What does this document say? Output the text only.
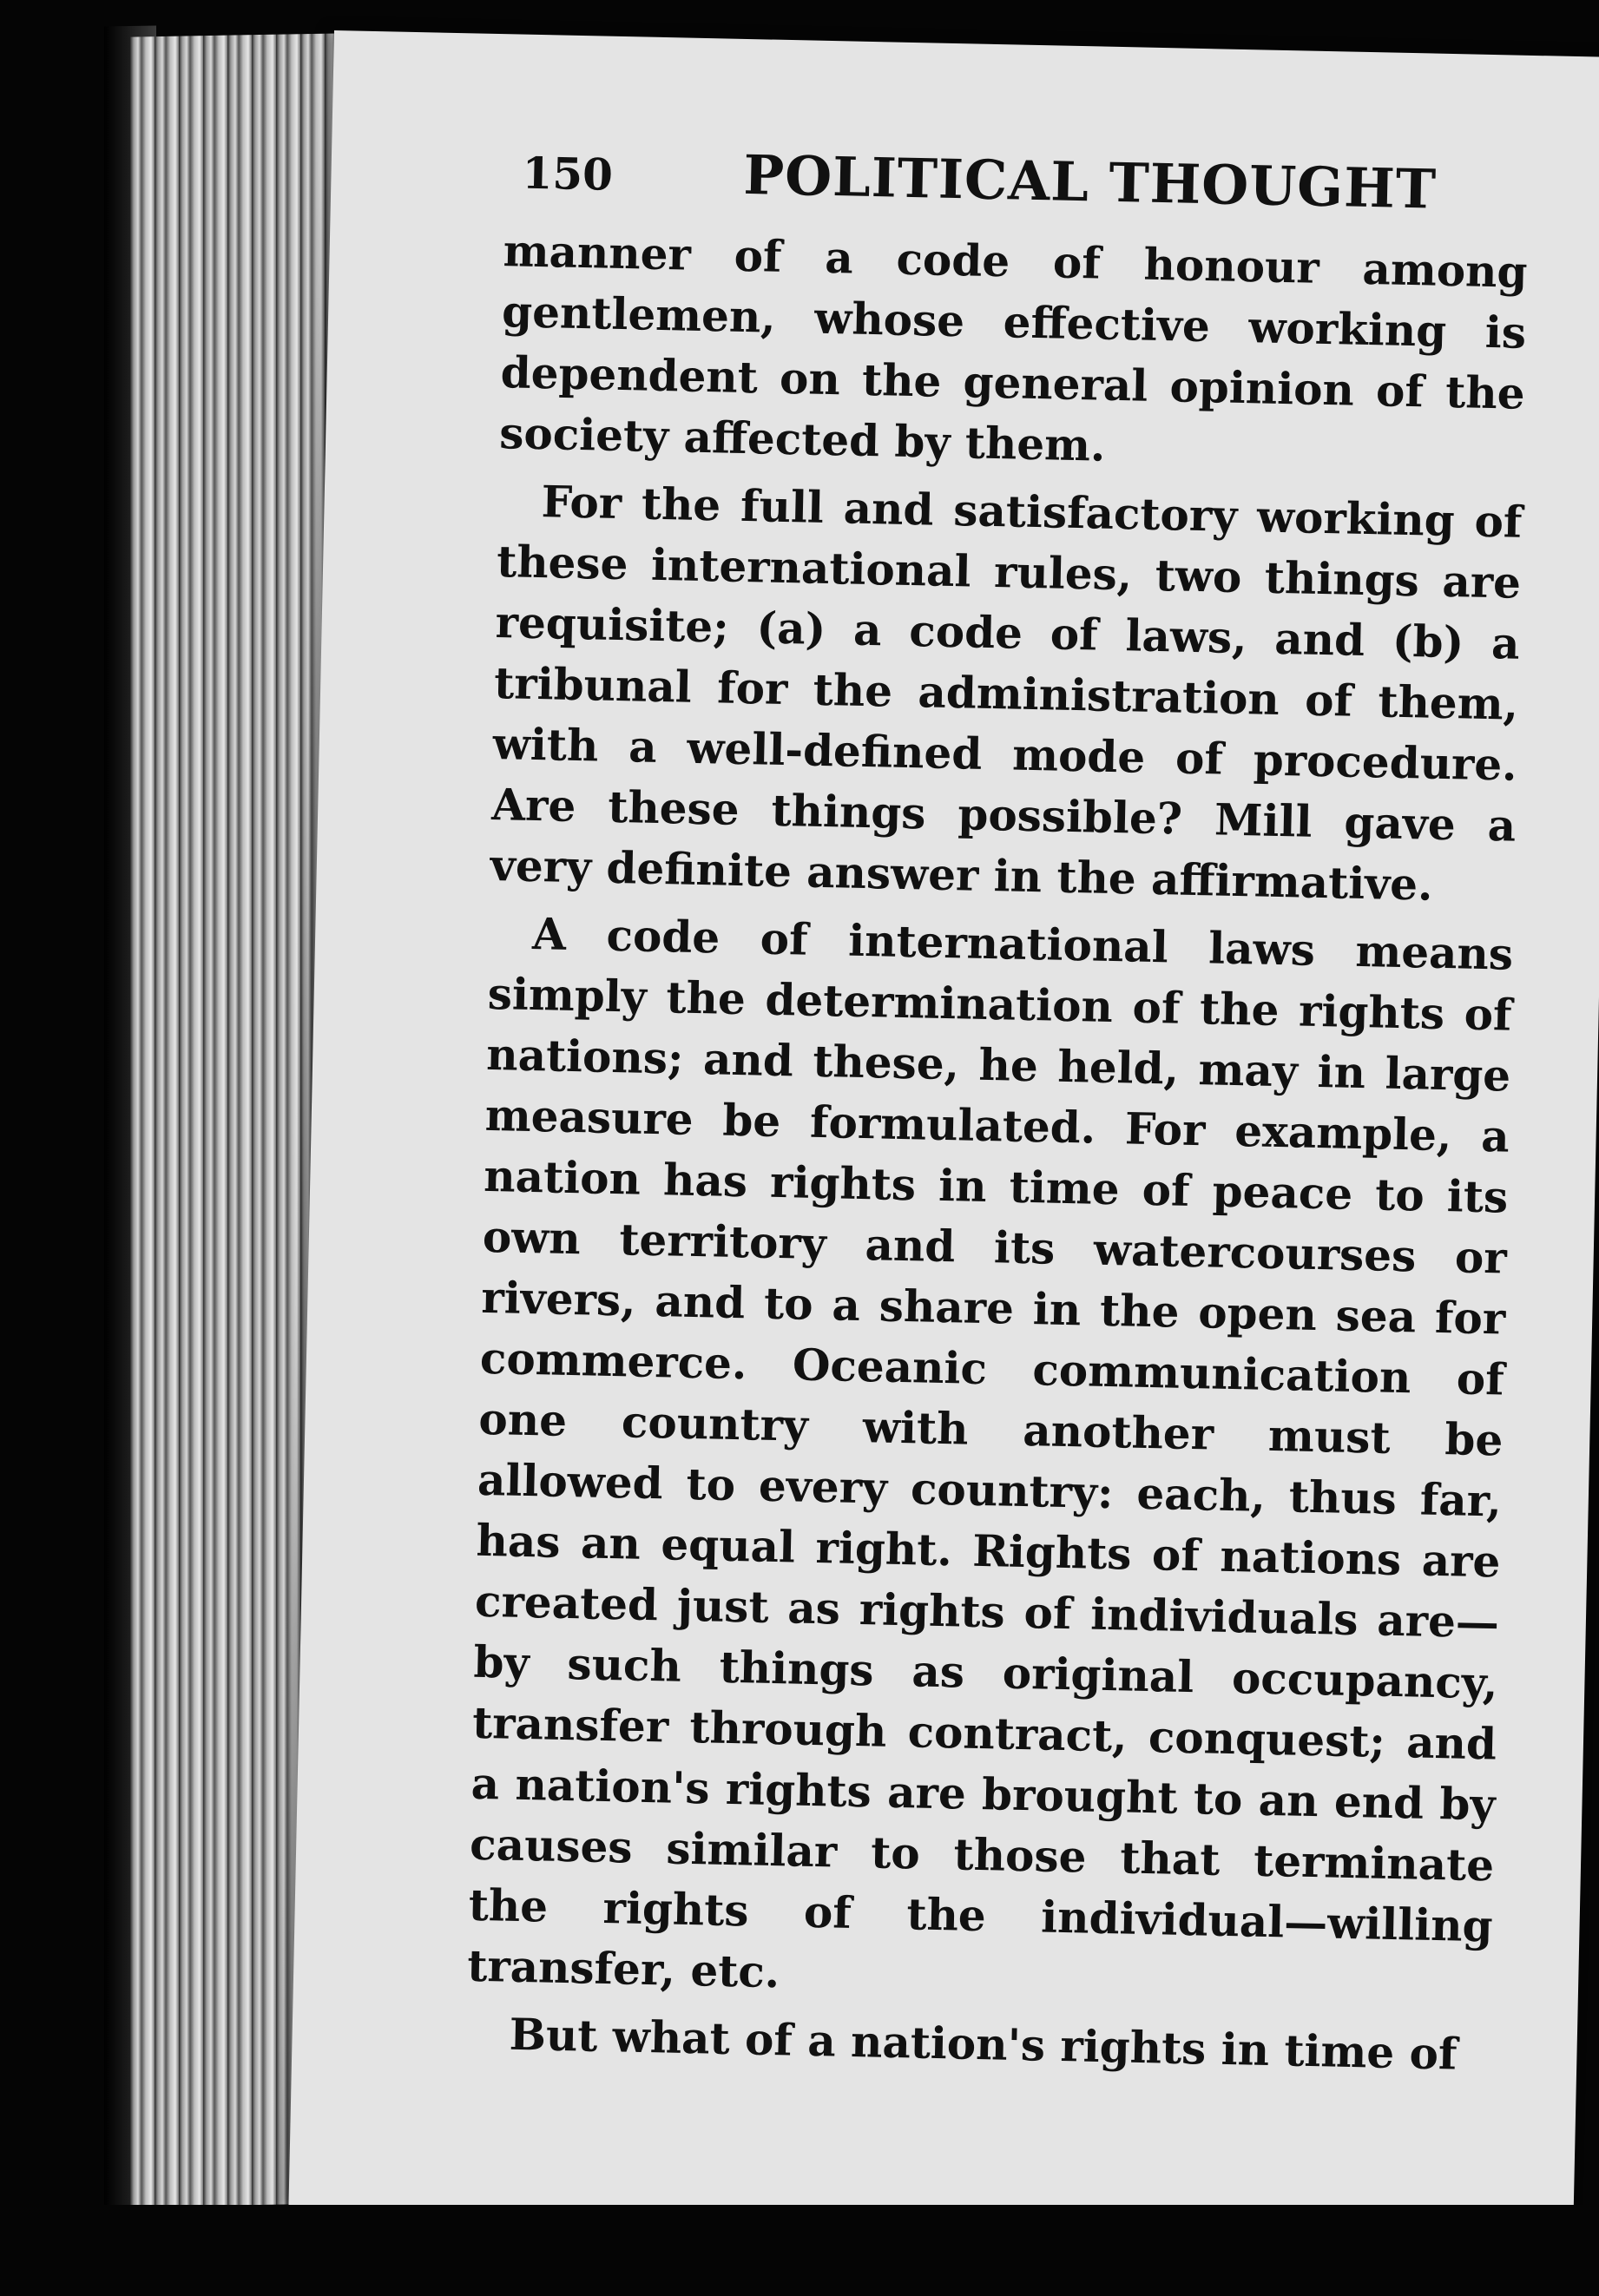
150 POLITICAL THOUGHT

manner of a code of honour among gentlemen, whose effective working is dependent on the general opinion of the society affected by them.

For the full and satisfactory working of these international rules, two things are requisite; (a) a code of laws, and (b) a tribunal for the administration of them, with a well-defined mode of procedure. Are these things possible? Mill gave a very definite answer in the affirmative.

A code of international laws means simply the determination of the rights of nations; and these, he held, may in large measure be formulated. For example, a nation has rights in time of peace to its own territory and its watercourses or rivers, and to a share in the open sea for commerce. Oceanic communication of one country with another must be allowed to every country: each, thus far, has an equal right. Rights of nations are created just as rights of individuals are—by such things as original occupancy, transfer through contract, conquest; and a nation's rights are brought to an end by causes similar to those that terminate the rights of the individual—willing transfer, etc.

But what of a nation's rights in time of
